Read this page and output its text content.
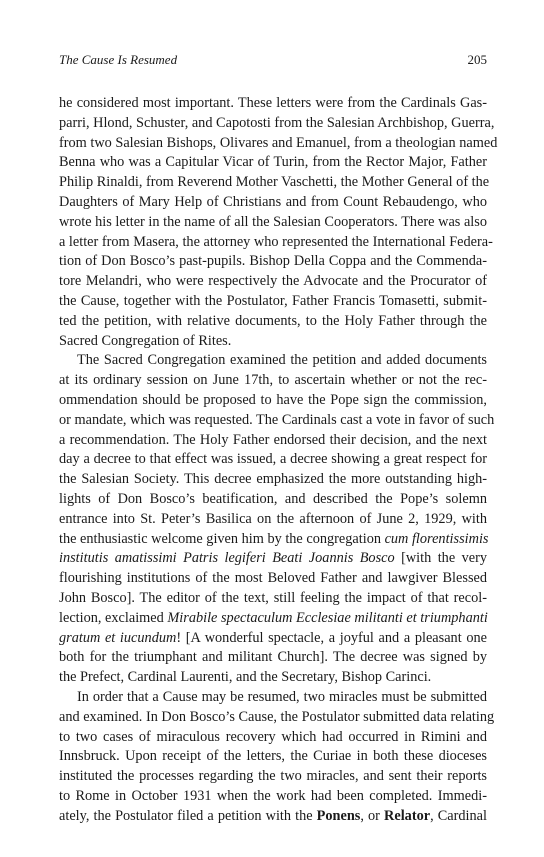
The Cause Is Resumed	205
he considered most important. These letters were from the Cardinals Gas-
parri, Hlond, Schuster, and Capotosti from the Salesian Archbishop, Guerra,
from two Salesian Bishops, Olivares and Emanuel, from a theologian named
Benna who was a Capitular Vicar of Turin, from the Rector Major, Father
Philip Rinaldi, from Reverend Mother Vaschetti, the Mother General of the
Daughters of Mary Help of Christians and from Count Rebaudengo, who
wrote his letter in the name of all the Salesian Cooperators. There was also
a letter from Masera, the attorney who represented the International Federa-
tion of Don Bosco’s past-pupils. Bishop Della Coppa and the Commenda-
tore Melandri, who were respectively the Advocate and the Procurator of
the Cause, together with the Postulator, Father Francis Tomasetti, submit-
ted the petition, with relative documents, to the Holy Father through the
Sacred Congregation of Rites.
The Sacred Congregation examined the petition and added documents
at its ordinary session on June 17th, to ascertain whether or not the rec-
ommendation should be proposed to have the Pope sign the commission,
or mandate, which was requested. The Cardinals cast a vote in favor of such
a recommendation. The Holy Father endorsed their decision, and the next
day a decree to that effect was issued, a decree showing a great respect for
the Salesian Society. This decree emphasized the more outstanding high-
lights of Don Bosco’s beatification, and described the Pope’s solemn
entrance into St. Peter’s Basilica on the afternoon of June 2, 1929, with
the enthusiastic welcome given him by the congregation cum florentissimis
institutis amatissimi Patris legiferi Beati Joannis Bosco [with the very
flourishing institutions of the most Beloved Father and lawgiver Blessed
John Bosco]. The editor of the text, still feeling the impact of that recol-
lection, exclaimed Mirabile spectaculum Ecclesiae militanti et triumphanti
gratum et iucundum! [A wonderful spectacle, a joyful and a pleasant one
both for the triumphant and militant Church]. The decree was signed by
the Prefect, Cardinal Laurenti, and the Secretary, Bishop Carinci.
In order that a Cause may be resumed, two miracles must be submitted
and examined. In Don Bosco’s Cause, the Postulator submitted data relating
to two cases of miraculous recovery which had occurred in Rimini and
Innsbruck. Upon receipt of the letters, the Curiae in both these dioceses
instituted the processes regarding the two miracles, and sent their reports
to Rome in October 1931 when the work had been completed. Immedi-
ately, the Postulator filed a petition with the Ponens, or Relator, Cardinal
